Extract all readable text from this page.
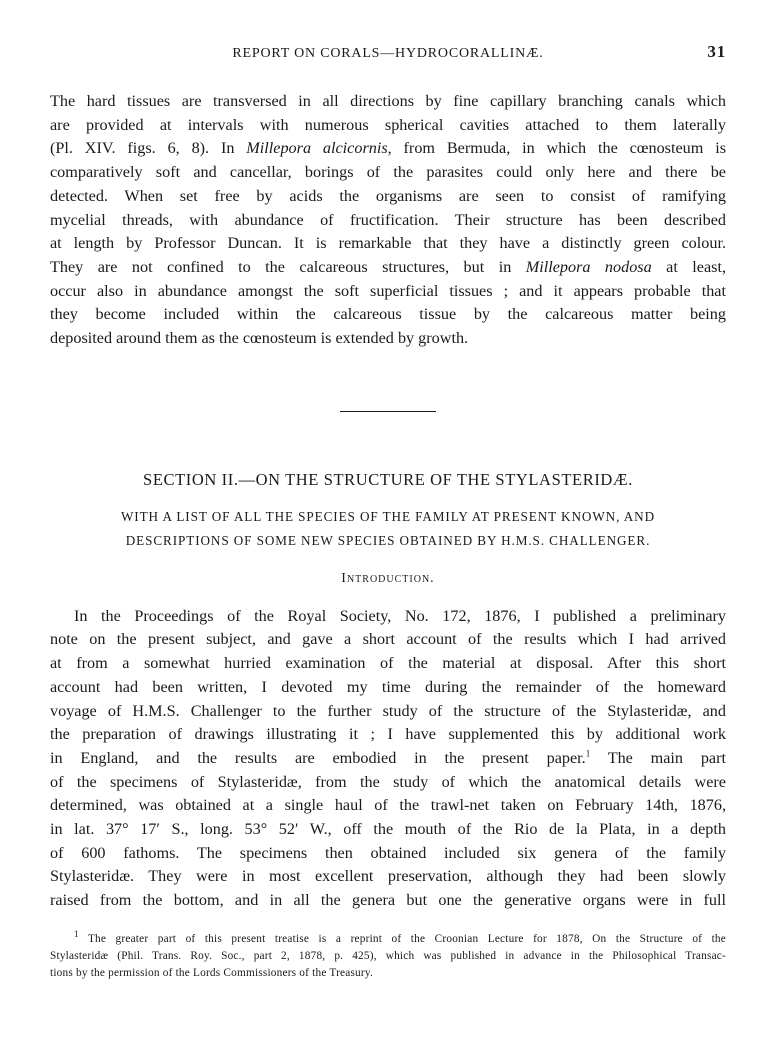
REPORT ON CORALS—HYDROCORALLINÆ.	31
The hard tissues are transversed in all directions by fine capillary branching canals which
are provided at intervals with numerous spherical cavities attached to them laterally
(Pl. XIV. figs. 6, 8). In Millepora alcicornis, from Bermuda, in which the cœnosteum is
comparatively soft and cancellar, borings of the parasites could only here and there be
detected. When set free by acids the organisms are seen to consist of ramifying
mycelial threads, with abundance of fructification. Their structure has been described
at length by Professor Duncan. It is remarkable that they have a distinctly green colour.
They are not confined to the calcareous structures, but in Millepora nodosa at least,
occur also in abundance amongst the soft superficial tissues ; and it appears probable that
they become included within the calcareous tissue by the calcareous matter being
deposited around them as the cœnosteum is extended by growth.
SECTION II.—ON THE STRUCTURE OF THE STYLASTERIDÆ.
WITH A LIST OF ALL THE SPECIES OF THE FAMILY AT PRESENT KNOWN, AND
DESCRIPTIONS OF SOME NEW SPECIES OBTAINED BY H.M.S. CHALLENGER.
Introduction.
In the Proceedings of the Royal Society, No. 172, 1876, I published a preliminary
note on the present subject, and gave a short account of the results which I had arrived
at from a somewhat hurried examination of the material at disposal. After this short
account had been written, I devoted my time during the remainder of the homeward
voyage of H.M.S. Challenger to the further study of the structure of the Stylasteridæ, and
the preparation of drawings illustrating it ; I have supplemented this by additional work
in England, and the results are embodied in the present paper.$^1$ The main part
of the specimens of Stylasteridæ, from the study of which the anatomical details were
determined, was obtained at a single haul of the trawl-net taken on February 14th, 1876,
in lat. 37° 17′ S., long. 53° 52′ W., off the mouth of the Rio de la Plata, in a depth
of 600 fathoms. The specimens then obtained included six genera of the family
Stylasteridæ. They were in most excellent preservation, although they had been slowly
raised from the bottom, and in all the genera but one the generative organs were in full
$^1$ The greater part of this present treatise is a reprint of the Croonian Lecture for 1878, On the Structure of the
Stylasteridæ (Phil. Trans. Roy. Soc., part 2, 1878, p. 425), which was published in advance in the Philosophical Transac-
tions by the permission of the Lords Commissioners of the Treasury.
